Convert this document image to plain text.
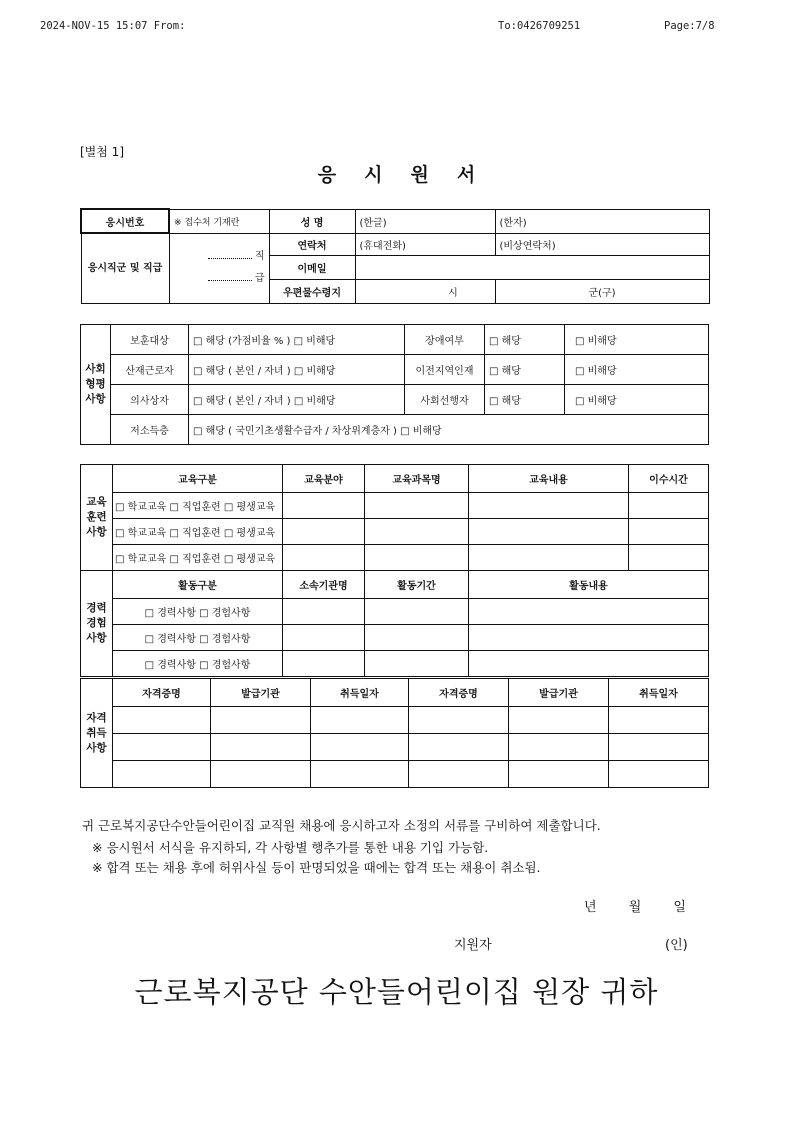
2024-NOV-15 15:07 From:	To:0426709251	Page:7/8
[별첨 1]
응시원서
응시번호	※ 접수처 기재란	성 명	(한글)	(한자)
응시직군 및 직급	직
급	연락처	(휴대전화)	(비상연락처)
		이메일		
		우편물수령지	시	군(구)
사회 형평 사항	보훈대상	□ 해당 (가점비율 % ) □ 비해당	장애여부	□ 해당	□ 비해당
	산재근로자	□ 해당 ( 본인 / 자녀 ) □ 비해당	이전지역인재	□ 해당	□ 비해당
	의사상자	□ 해당 ( 본인 / 자녀 ) □ 비해당	사회선행자	□ 해당	□ 비해당
	저소득층	□ 해당 ( 국민기초생활수급자 / 차상위계층자 ) □ 비해당			
교육 훈련 사항	교육구분	교육분야	교육과목명	교육내용	이수시간
	□ 학교교육 □ 직업훈련 □ 평생교육				
	□ 학교교육 □ 직업훈련 □ 평생교육				
	□ 학교교육 □ 직업훈련 □ 평생교육				
경력 경험 사항	활동구분	소속기관명	활동기간	활동내용
	□ 경력사항 □ 경험사항			
	□ 경력사항 □ 경험사항			
	□ 경력사항 □ 경험사항			
자격 취득 사항	자격증명	발급기관	취득일자	자격증명	발급기관	취득일자

귀 근로복지공단수안들어린이집 교직원 채용에 응시하고자 소정의 서류를 구비하여 제출합니다.
※ 응시원서 서식을 유지하되, 각 사항별 행추가를 통한 내용 기입 가능함.
※ 합격 또는 채용 후에 허위사실 등이 판명되었을 때에는 합격 또는 채용이 취소됨.
년 월 일
지원자	(인)
근로복지공단 수안들어린이집 원장 귀하
